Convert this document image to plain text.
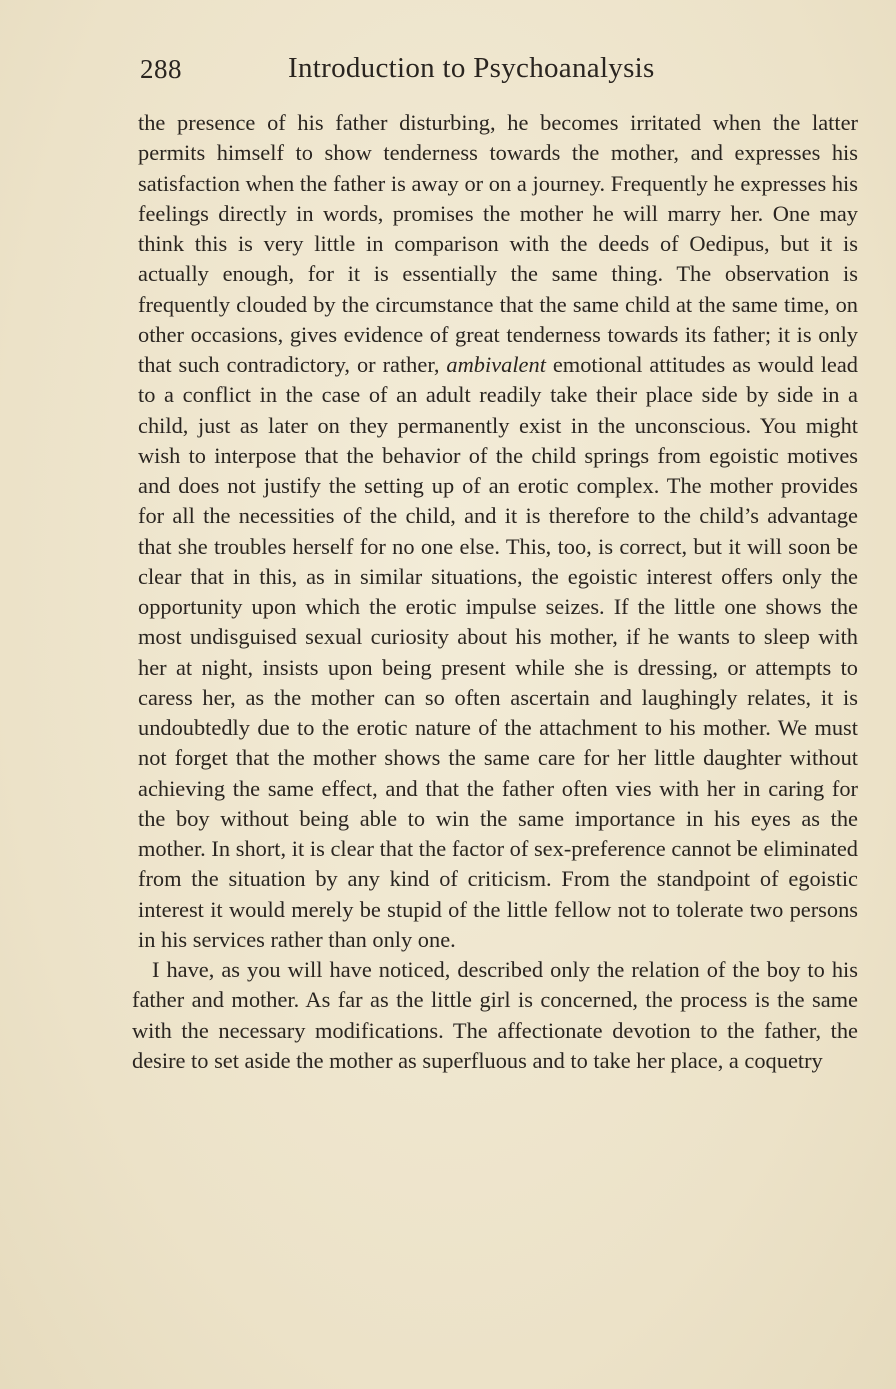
288	Introduction to Psychoanalysis

the presence of his father disturbing, he becomes irritated when the latter permits himself to show tenderness towards the mother, and expresses his satisfaction when the father is away or on a journey. Frequently he expresses his feelings directly in words, promises the mother he will marry her. One may think this is very little in comparison with the deeds of Oedipus, but it is actually enough, for it is essentially the same thing. The observation is frequently clouded by the circumstance that the same child at the same time, on other occasions, gives evidence of great tenderness towards its father; it is only that such contradictory, or rather, ambivalent emotional attitudes as would lead to a conflict in the case of an adult readily take their place side by side in a child, just as later on they permanently exist in the unconscious. You might wish to interpose that the behavior of the child springs from egoistic motives and does not justify the setting up of an erotic complex. The mother provides for all the necessities of the child, and it is therefore to the child’s advantage that she troubles herself for no one else. This, too, is correct, but it will soon be clear that in this, as in similar situations, the egoistic interest offers only the opportunity upon which the erotic impulse seizes. If the little one shows the most undisguised sexual curiosity about his mother, if he wants to sleep with her at night, insists upon being present while she is dressing, or attempts to caress her, as the mother can so often ascertain and laughingly relates, it is undoubtedly due to the erotic nature of the attachment to his mother. We must not forget that the mother shows the same care for her little daughter without achieving the same effect, and that the father often vies with her in caring for the boy without being able to win the same importance in his eyes as the mother. In short, it is clear that the factor of sex-preference cannot be eliminated from the situation by any kind of criticism. From the standpoint of egoistic interest it would merely be stupid of the little fellow not to tolerate two persons in his services rather than only one.

I have, as you will have noticed, described only the relation of the boy to his father and mother. As far as the little girl is concerned, the process is the same with the necessary modifications. The affectionate devotion to the father, the desire to set aside the mother as superfluous and to take her place, a coquetry
